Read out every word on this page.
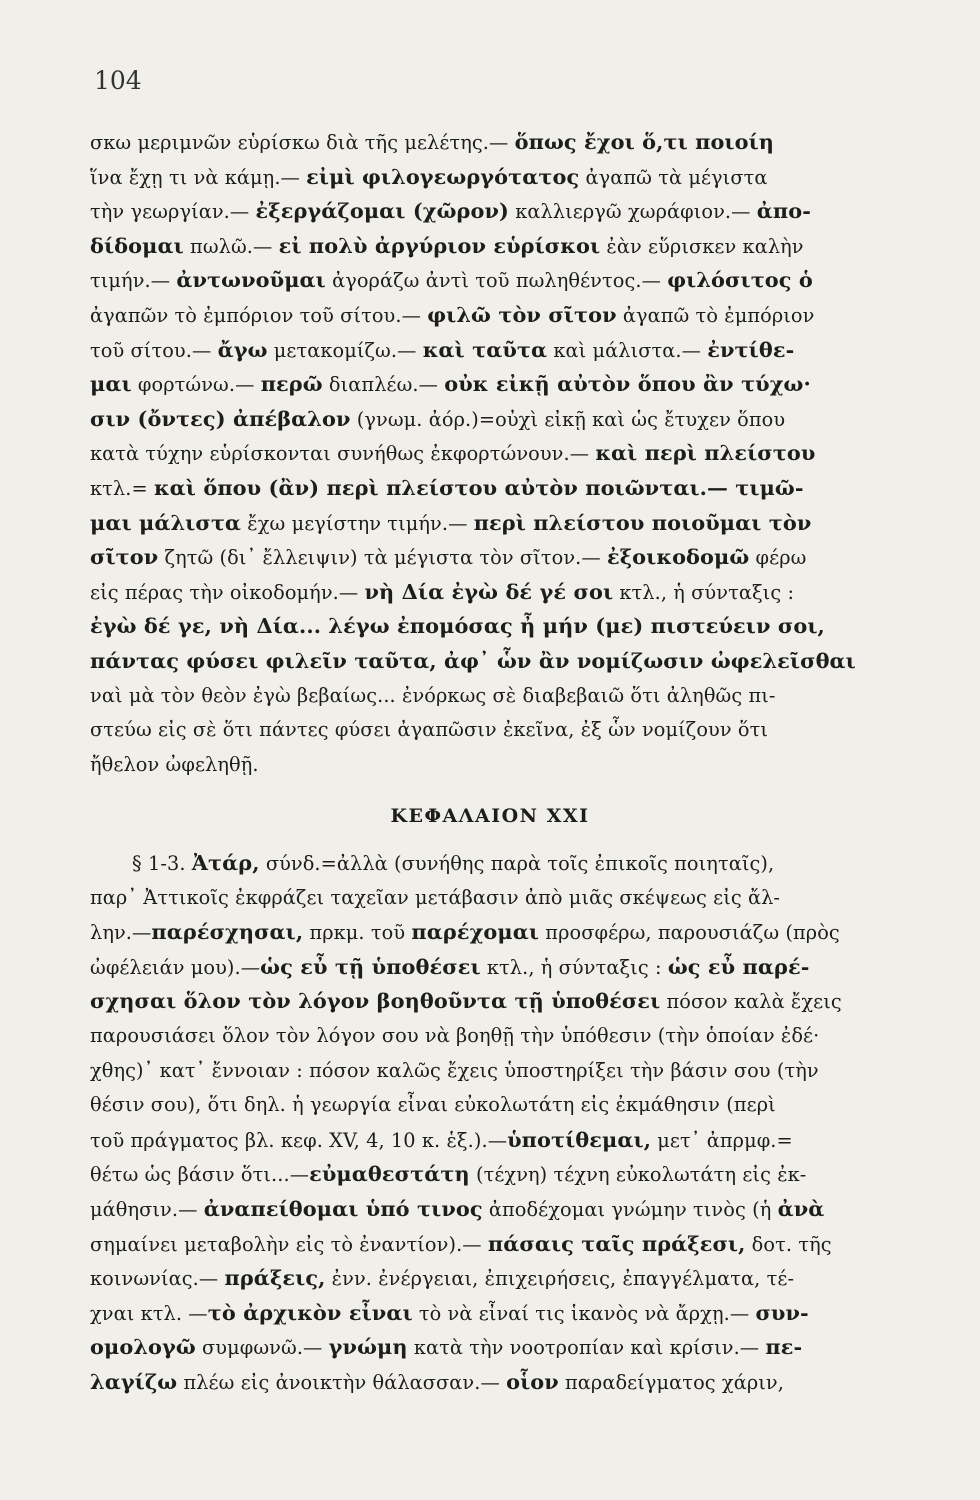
104
σκω μεριμνῶν εὑρίσκω διὰ τῆς μελέτης.— ὅπως ἔχοι ὅ,τι ποιοίη
ἵνα ἔχῃ τι νὰ κάμῃ.— εἰμὶ φιλογεωργότατος ἀγαπῶ τὰ μέγιστα
τὴν γεωργίαν.— ἐξεργάζομαι (χῶρον) καλλιεργῶ χωράφιον.— ἀπο-
δίδομαι πωλῶ.— εἰ πολὺ ἀργύριον εὑρίσκοι ἐὰν εὕρισκεν καλὴν
τιμήν.— ἀντωνοῦμαι ἀγοράζω ἀντὶ τοῦ πωληθέντος.— φιλόσιτος ὁ
ἀγαπῶν τὸ ἐμπόριον τοῦ σίτου.— φιλῶ τὸν σῖτον ἀγαπῶ τὸ ἐμπόριον
τοῦ σίτου.— ἄγω μετακομίζω.— καὶ ταῦτα καὶ μάλιστα.— ἐντίθε-
μαι φορτώνω.— περῶ διαπλέω.— οὐκ εἰκῇ αὐτὸν ὅπου ἂν τύχω·
σιν (ὄντες) ἀπέβαλον (γνωμ. ἀόρ.)=οὐχὶ εἰκῇ καὶ ὡς ἔτυχεν ὅπου
κατὰ τύχην εὑρίσκονται συνήθως ἐκφορτώνουν.— καὶ περὶ πλείστου
κτλ.= καὶ ὅπου (ἂν) περὶ πλείστου αὐτὸν ποιῶνται.— τιμῶ-
μαι μάλιστα ἔχω μεγίστην τιμήν.— περὶ πλείστου ποιοῦμαι τὸν
σῖτον ζητῶ (δι᾽ ἔλλειψιν) τὰ μέγιστα τὸν σῖτον.— ἐξοικοδομῶ φέρω
εἰς πέρας τὴν οἰκοδομήν.— νὴ Δία ἐγὼ δέ γέ σοι κτλ., ἡ σύνταξις :
ἐγὼ δέ γε, νὴ Δία... λέγω ἐπομόσας ἦ μήν (με) πιστεύειν σοι,
πάντας φύσει φιλεῖν ταῦτα, ἀφ᾽ ὧν ἂν νομίζωσιν ὠφελεῖσθαι
ναὶ μὰ τὸν θεὸν ἐγὼ βεβαίως... ἐνόρκως σὲ διαβεβαιῶ ὅτι ἀληθῶς πι-
στεύω εἰς σὲ ὅτι πάντες φύσει ἀγαπῶσιν ἐκεῖνα, ἐξ ὧν νομίζουν ὅτι
ἤθελον ὠφεληθῇ.
ΚΕΦΑΛΑΙΟΝ XXI
§ 1-3. Ἀτάρ, σύνδ.=ἀλλὰ (συνήθης παρὰ τοῖς ἐπικοῖς ποιηταῖς),
παρ᾽ Ἀττικοῖς ἐκφράζει ταχεῖαν μετάβασιν ἀπὸ μιᾶς σκέψεως εἰς ἄλ-
λην.—παρέσχησαι, πρκμ. τοῦ παρέχομαι προσφέρω, παρουσιάζω (πρὸς
ὠφέλειάν μου).—ὡς εὖ τῇ ὑποθέσει κτλ., ἡ σύνταξις : ὡς εὖ παρέ-
σχησαι ὅλον τὸν λόγον βοηθοῦντα τῇ ὑποθέσει πόσον καλὰ ἔχεις
παρουσιάσει ὅλον τὸν λόγον σου νὰ βοηθῇ τὴν ὑπόθεσιν (τὴν ὁποίαν ἐδέ·
χθης)᾽ κατ᾽ ἔννοιαν : πόσον καλῶς ἔχεις ὑποστηρίξει τὴν βάσιν σου (τὴν
θέσιν σου), ὅτι δηλ. ἡ γεωργία εἶναι εὐκολωτάτη εἰς ἐκμάθησιν (περὶ
τοῦ πράγματος βλ. κεφ. XV, 4, 10 κ. ἑξ.).—ὑποτίθεμαι, μετ᾽ ἀπρμφ.=
θέτω ὡς βάσιν ὅτι...—εὐμαθεστάτη (τέχνη) τέχνη εὐκολωτάτη εἰς ἐκ-
μάθησιν.— ἀναπείθομαι ὑπό τινος ἀποδέχομαι γνώμην τινὸς (ἡ ἀνὰ
σημαίνει μεταβολὴν εἰς τὸ ἐναντίον).— πάσαις ταῖς πράξεσι, δοτ. τῆς
κοινωνίας.— πράξεις, ἐνν. ἐνέργειαι, ἐπιχειρήσεις, ἐπαγγέλματα, τέ-
χναι κτλ. —τὸ ἀρχικὸν εἶναι τὸ νὰ εἶναί τις ἱκανὸς νὰ ἄρχῃ.— συν-
ομολογῶ συμφωνῶ.— γνώμη κατὰ τὴν νοοτροπίαν καὶ κρίσιν.— πε-
λαγίζω πλέω εἰς ἀνοικτὴν θάλασσαν.— οἷον παραδείγματος χάριν,
